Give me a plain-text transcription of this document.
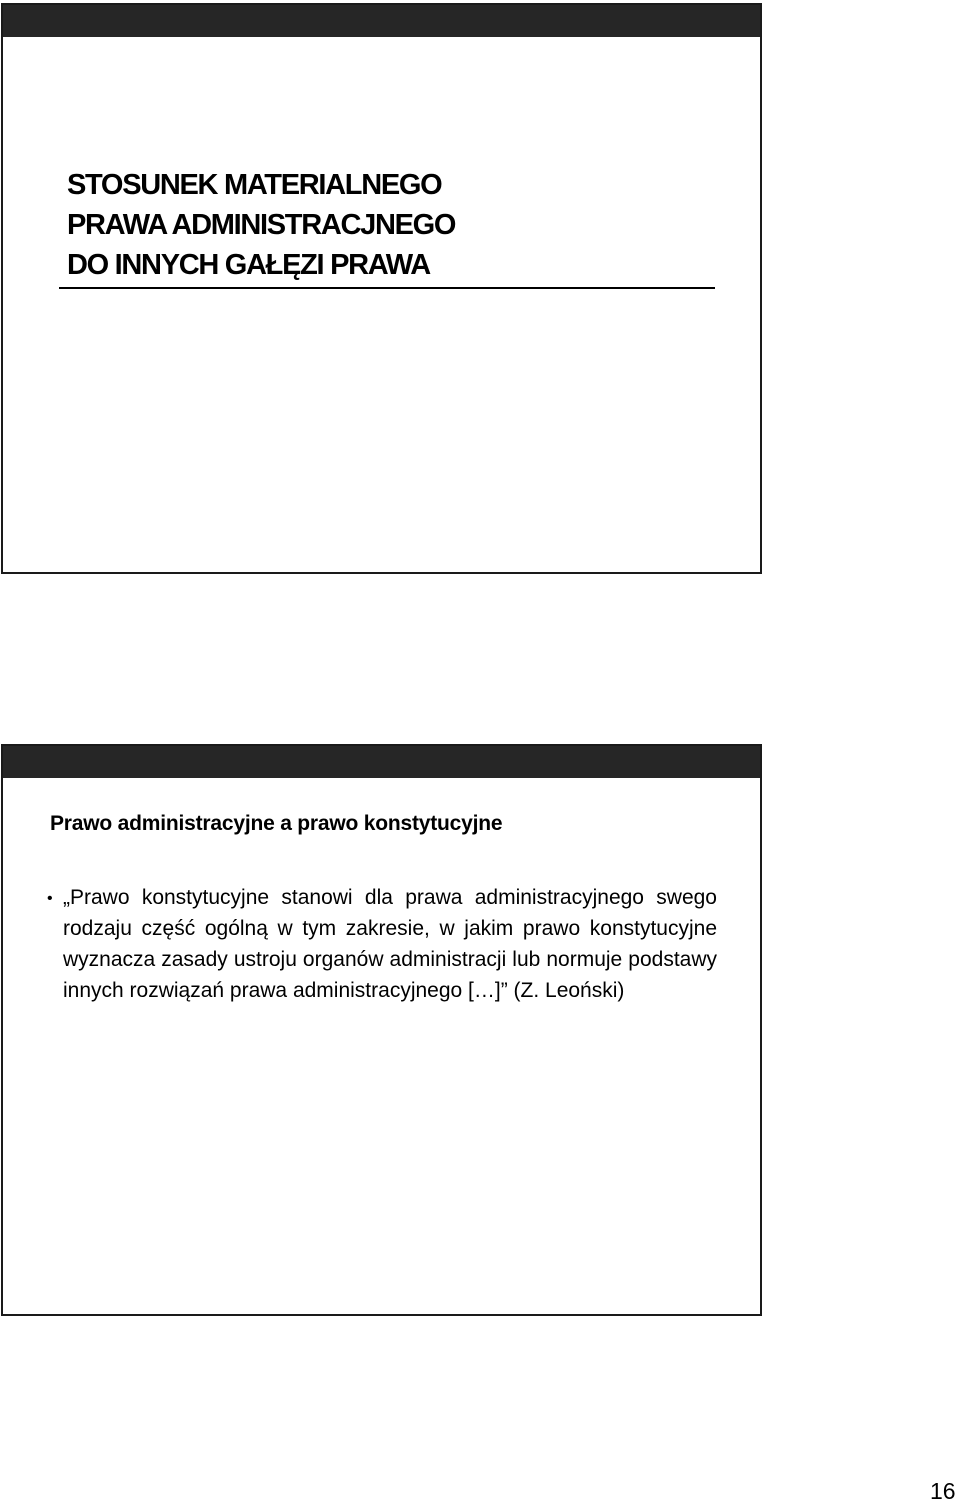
STOSUNEK MATERIALNEGO
PRAWA ADMINISTRACJNEGO
DO INNYCH GAŁĘZI PRAWA
Prawo administracyjne a prawo konstytucyjne
• „Prawo konstytucyjne stanowi dla prawa administracyjnego swego rodzaju część ogólną w tym zakresie, w jakim prawo konstytucyjne wyznacza zasady ustroju organów administracji lub normuje podstawy innych rozwiązań prawa administracyjnego […]” (Z. Leoński)
16
